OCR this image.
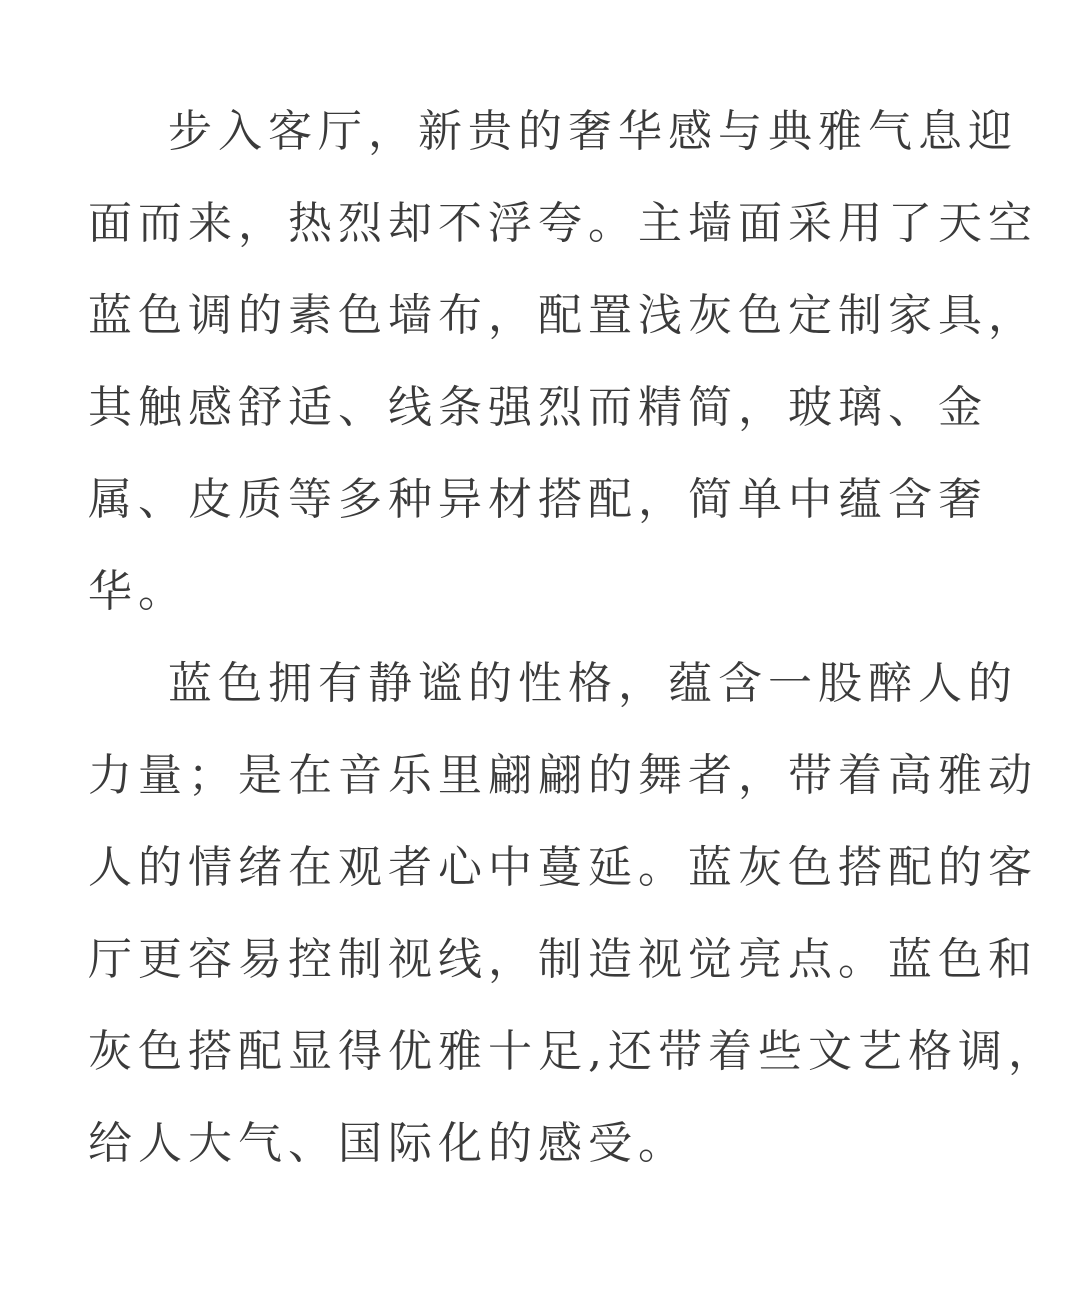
步入客厅，新贵的奢华感与典雅气息迎
面而来，热烈却不浮夸。主墙面采用了天空
蓝色调的素色墙布，配置浅灰色定制家具，
其触感舒适、线条强烈而精简，玻璃、金
属、皮质等多种异材搭配，简单中蕴含奢
华。

蓝色拥有静谧的性格，蕴含一股醉人的
力量；是在音乐里翩翩的舞者，带着高雅动
人的情绪在观者心中蔓延。蓝灰色搭配的客
厅更容易控制视线，制造视觉亮点。蓝色和
灰色搭配显得优雅十足,还带着些文艺格调，
给人大气、国际化的感受。
